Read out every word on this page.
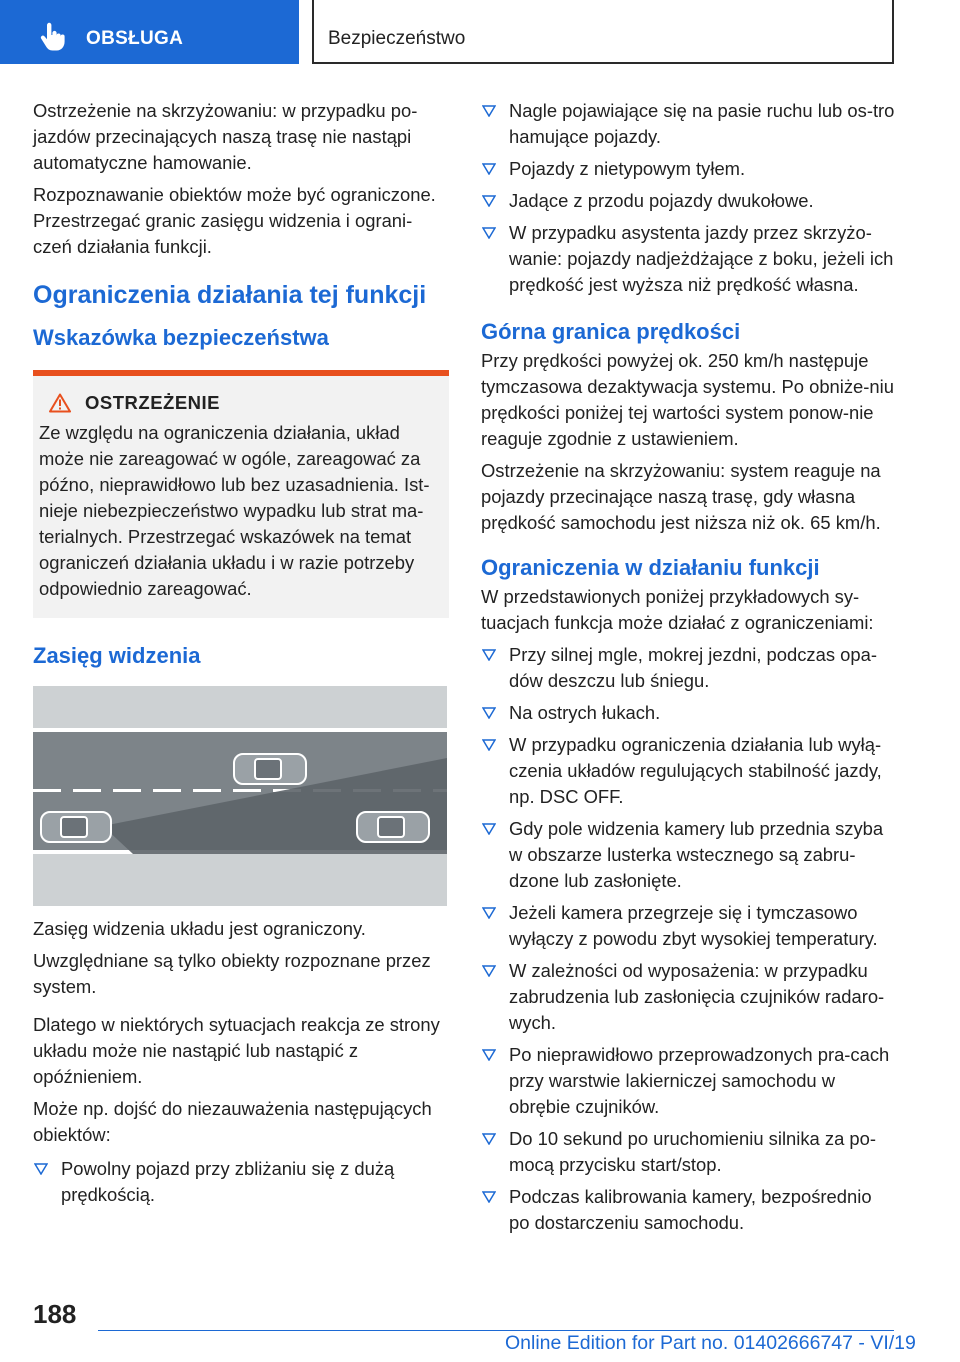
OBSŁUGA	Bezpieczeństwo

Ostrzeżenie na skrzyżowaniu: w przypadku po-jazdów przecinających naszą trasę nie nastąpi automatyczne hamowanie.

Rozpoznawanie obiektów może być ograniczone. Przestrzegać granic zasięgu widzenia i ograni-czeń działania funkcji.

Ograniczenia działania tej funkcji
Wskazówka bezpieczeństwa
OSTRZEŻENIE

Ze względu na ograniczenia działania, układ może nie zareagować w ogóle, zareagować za późno, nieprawidłowo lub bez uzasadnienia. Ist-nieje niebezpieczeństwo wypadku lub strat ma-terialnych. Przestrzegać wskazówek na temat ograniczeń działania układu i w razie potrzeby odpowiednio zareagować.

Zasięg widzenia

Zasięg widzenia układu jest ograniczony.

Uwzględniane są tylko obiekty rozpoznane przez system.

Dlatego w niektórych sytuacjach reakcja ze strony układu może nie nastąpić lub nastąpić z opóźnieniem.

Może np. dojść do niezauważenia następujących obiektów:

Powolny pojazd przy zbliżaniu się z dużą prędkością.
Nagle pojawiające się na pasie ruchu lub os-tro hamujące pojazdy.
Pojazdy z nietypowym tyłem.
Jadące z przodu pojazdy dwukołowe.
W przypadku asystenta jazdy przez skrzyżo-wanie: pojazdy nadjeżdżające z boku, jeżeli ich prędkość jest wyższa niż prędkość własna.
Górna granica prędkości

Przy prędkości powyżej ok. 250 km/h następuje tymczasowa dezaktywacja systemu. Po obniże-niu prędkości poniżej tej wartości system ponow-nie reaguje zgodnie z ustawieniem.

Ostrzeżenie na skrzyżowaniu: system reaguje na pojazdy przecinające naszą trasę, gdy własna prędkość samochodu jest niższa niż ok. 65 km/h.

Ograniczenia w działaniu funkcji

W przedstawionych poniżej przykładowych sy-tuacjach funkcja może działać z ograniczeniami:

Przy silnej mgle, mokrej jezdni, podczas opa-dów deszczu lub śniegu.
Na ostrych łukach.
W przypadku ograniczenia działania lub wyłą-czenia układów regulujących stabilność jazdy, np. DSC OFF.
Gdy pole widzenia kamery lub przednia szyba w obszarze lusterka wstecznego są zabru-dzone lub zasłonięte.
Jeżeli kamera przegrzeje się i tymczasowo wyłączy z powodu zbyt wysokiej temperatury.
W zależności od wyposażenia: w przypadku zabrudzenia lub zasłonięcia czujników radaro-wych.
Po nieprawidłowo przeprowadzonych pra-cach przy warstwie lakierniczej samochodu w obrębie czujników.
Do 10 sekund po uruchomieniu silnika za po-mocą przycisku start/stop.
Podczas kalibrowania kamery, bezpośrednio po dostarczeniu samochodu.
188
Online Edition for Part no. 01402666747 - VI/19
